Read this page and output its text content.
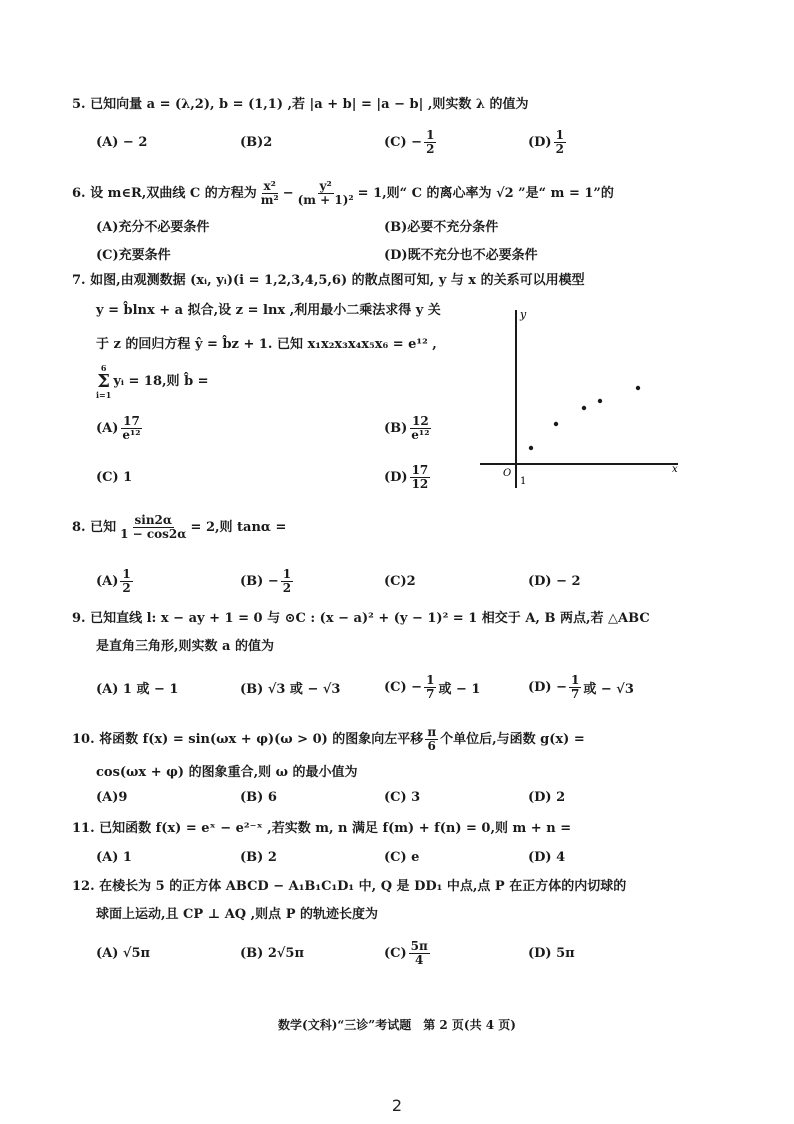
5. 已知向量 a = (λ,2), b = (1,1) ,若 |a + b| = |a − b| ,则实数 λ 的值为
(A) − 2	(B)2	$(C) - \frac{1}{2}$	$(D) \frac{1}{2}$
6. 设 m∈R,双曲线 C 的方程为 $\frac{\text{x²}}{\text{m²}} - \frac{\text{y²}}{\text{(m + 1)²}} = 1$,则“ C 的离心率为 √2 ”是“ m = 1”的
(A)充分不必要条件	(B)必要不充分条件
(C)充要条件	(D)既不充分也不必要条件
7. 如图,由观测数据 (xᵢ, yᵢ)(i = 1,2,3,4,5,6) 的散点图可知, y 与 x 的关系可以用模型
y = b̂lnx + a 拟合,设 z = lnx ,利用最小二乘法求得 y 关
于 z 的回归方程 ŷ = b̂z + 1. 已知 x₁x₂x₃x₄x₅x₆ = e¹² ,
6
Σ
i=1
yᵢ = 18,则 b̂ =
$(A) \frac{17}{\text{e¹²}}$	$(B) \frac{12}{\text{e¹²}}$
(C) 1	$(D) \frac{17}{12}$
y
x
O
1
8. 已知 $\frac{\sin 2\alpha}{1 - \cos 2\alpha} = 2$,则 tanα =
$(A) \frac{1}{2}$	$(B) - \frac{1}{2}$	(C)2	(D) − 2
9. 已知直线 l: x − ay + 1 = 0 与 ⊙C : (x − a)² + (y − 1)² = 1 相交于 A, B 两点,若 △ABC
是直角三角形,则实数 a 的值为
(A) 1 或 − 1	(B) √3 或 − √3	$(C) - \frac{1}{7}$ 或 − 1	$(D) - \frac{1}{7}$ 或 − √3
10. 将函数 f(x) = sin(ωx + φ)(ω > 0) 的图象向左平移 $\frac{\pi}{6}$ 个单位后,与函数 g(x) =
cos(ωx + φ) 的图象重合,则 ω 的最小值为
(A)9	(B) 6	(C) 3	(D) 2
11. 已知函数 f(x) = eˣ − e²⁻ˣ ,若实数 m, n 满足 f(m) + f(n) = 0,则 m + n =
(A) 1	(B) 2	(C) e	(D) 4
12. 在棱长为 5 的正方体 ABCD − A₁B₁C₁D₁ 中, Q 是 DD₁ 中点,点 P 在正方体的内切球的
球面上运动,且 CP ⊥ AQ ,则点 P 的轨迹长度为
(A) √5π	(B) 2√5π	$(C) \frac{5\pi}{4}$	(D) 5π
数学(文科)“三诊”考试题　第 2 页(共 4 页)
2
